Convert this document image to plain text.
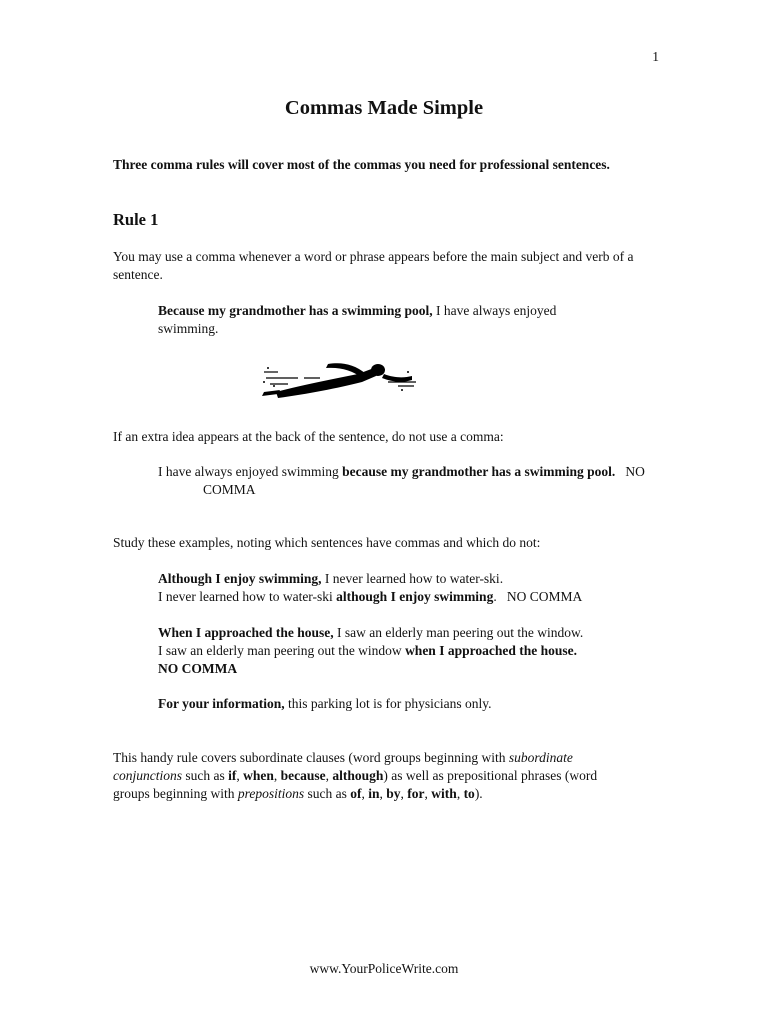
1
Commas Made Simple

Three comma rules will cover most of the commas you need for professional sentences.

Rule 1

You may use a comma whenever a word or phrase appears before the main subject and verb of a sentence.

Because my grandmother has a swimming pool, I have always enjoyed swimming.

If an extra idea appears at the back of the sentence, do not use a comma:

I have always enjoyed swimming because my grandmother has a swimming pool. NO COMMA

Study these examples, noting which sentences have commas and which do not:

Although I enjoy swimming, I never learned how to water-ski.

I never learned how to water-ski although I enjoy swimming. NO COMMA

When I approached the house, I saw an elderly man peering out the window.

I saw an elderly man peering out the window when I approached the house.
NO COMMA

For your information, this parking lot is for physicians only.

This handy rule covers subordinate clauses (word groups beginning with subordinate conjunctions such as if, when, because, although) as well as prepositional phrases (word groups beginning with prepositions such as of, in, by, for, with, to).

www.YourPoliceWrite.com
